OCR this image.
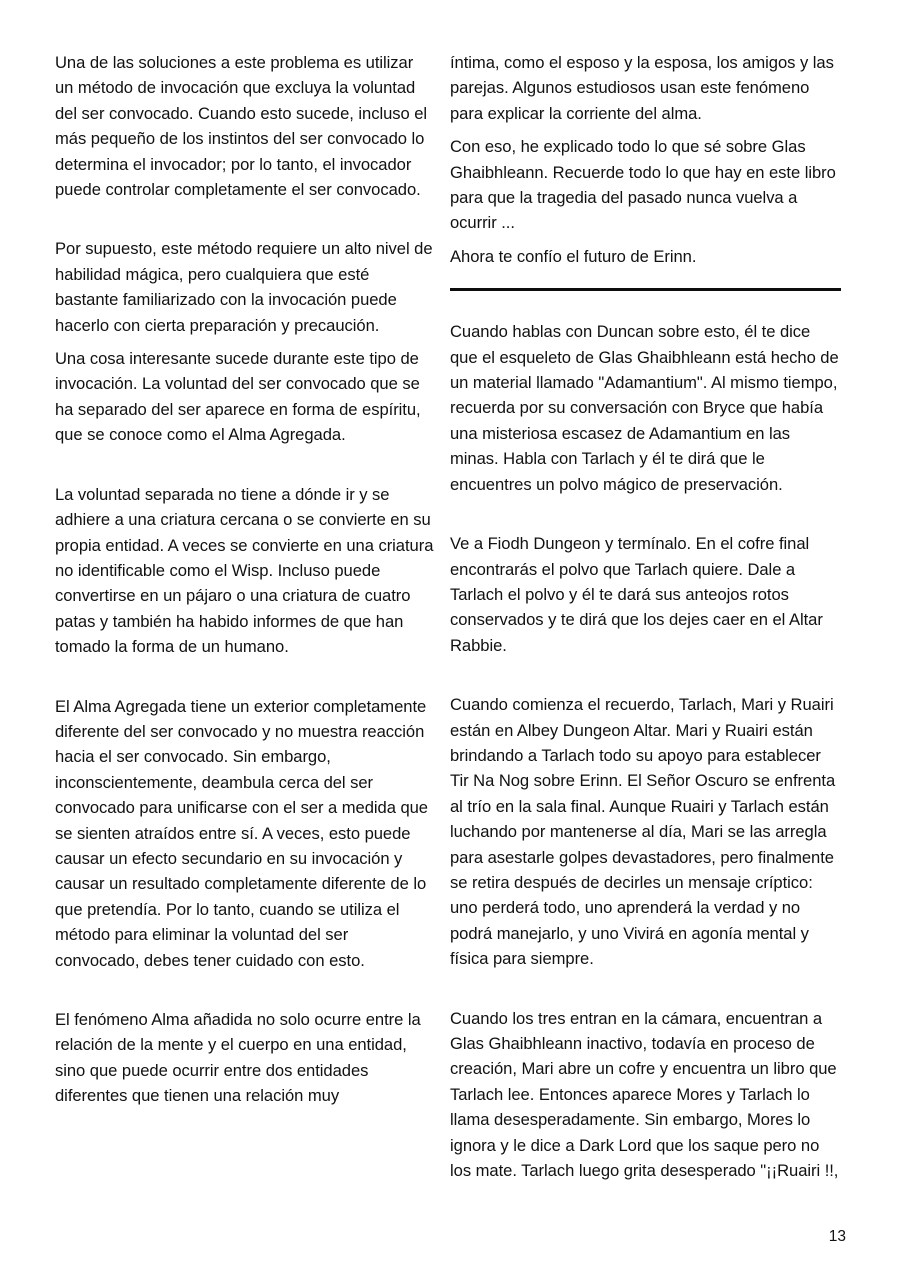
Una de las soluciones a este problema es utilizar un método de invocación que excluya la voluntad del ser convocado. Cuando esto sucede, incluso el más pequeño de los instintos del ser convocado lo determina el invocador; por lo tanto, el invocador puede controlar completamente el ser convocado.

Por supuesto, este método requiere un alto nivel de habilidad mágica, pero cualquiera que esté bastante familiarizado con la invocación puede hacerlo con cierta preparación y precaución.

Una cosa interesante sucede durante este tipo de invocación. La voluntad del ser convocado que se ha separado del ser aparece en forma de espíritu, que se conoce como el Alma Agregada.

La voluntad separada no tiene a dónde ir y se adhiere a una criatura cercana o se convierte en su propia entidad. A veces se convierte en una criatura no identificable como el Wisp. Incluso puede convertirse en un pájaro o una criatura de cuatro patas y también ha habido informes de que han tomado la forma de un humano.

El Alma Agregada tiene un exterior completamente diferente del ser convocado y no muestra reacción hacia el ser convocado. Sin embargo, inconscientemente, deambula cerca del ser convocado para unificarse con el ser a medida que se sienten atraídos entre sí. A veces, esto puede causar un efecto secundario en su invocación y causar un resultado completamente diferente de lo que pretendía. Por lo tanto, cuando se utiliza el método para eliminar la voluntad del ser convocado, debes tener cuidado con esto.

El fenómeno Alma añadida no solo ocurre entre la relación de la mente y el cuerpo en una entidad, sino que puede ocurrir entre dos entidades diferentes que tienen una relación muy

íntima, como el esposo y la esposa, los amigos y las parejas. Algunos estudiosos usan este fenómeno para explicar la corriente del alma.

Con eso, he explicado todo lo que sé sobre Glas Ghaibhleann. Recuerde todo lo que hay en este libro para que la tragedia del pasado nunca vuelva a ocurrir ...

Ahora te confío el futuro de Erinn.

Cuando hablas con Duncan sobre esto, él te dice que el esqueleto de Glas Ghaibhleann está hecho de un material llamado "Adamantium". Al mismo tiempo, recuerda por su conversación con Bryce que había una misteriosa escasez de Adamantium en las minas. Habla con Tarlach y él te dirá que le encuentres un polvo mágico de preservación.

Ve a Fiodh Dungeon y termínalo. En el cofre final encontrarás el polvo que Tarlach quiere. Dale a Tarlach el polvo y él te dará sus anteojos rotos conservados y te dirá que los dejes caer en el Altar Rabbie.

Cuando comienza el recuerdo, Tarlach, Mari y Ruairi están en Albey Dungeon Altar. Mari y Ruairi están brindando a Tarlach todo su apoyo para establecer Tir Na Nog sobre Erinn. El Señor Oscuro se enfrenta al trío en la sala final. Aunque Ruairi y Tarlach están luchando por mantenerse al día, Mari se las arregla para asestarle golpes devastadores, pero finalmente se retira después de decirles un mensaje críptico: uno perderá todo, uno aprenderá la verdad y no podrá manejarlo, y uno Vivirá en agonía mental y física para siempre.

Cuando los tres entran en la cámara, encuentran a Glas Ghaibhleann inactivo, todavía en proceso de creación, Mari abre un cofre y encuentra un libro que Tarlach lee. Entonces aparece Mores y Tarlach lo llama desesperadamente. Sin embargo, Mores lo ignora y le dice a Dark Lord que los saque pero no los mate. Tarlach luego grita desesperado "¡¡Ruairi !!,

13
